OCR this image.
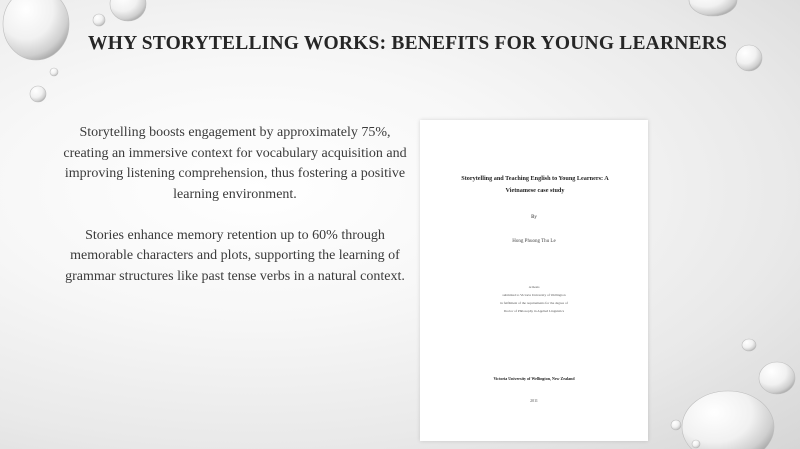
WHY STORYTELLING WORKS: BENEFITS FOR YOUNG LEARNERS

Storytelling boosts engagement by approximately 75%, creating an immersive context for vocabulary acquisition and improving listening comprehension, thus fostering a positive learning environment.

Stories enhance memory retention up to 60% through memorable characters and plots, supporting the learning of grammar structures like past tense verbs in a natural context.

Storytelling and Teaching English to Young Learners: A Vietnamese case study
By
Hong Phuong Thu Le
A thesis
submitted to Victoria University of Wellington
in fulfilment of the requirements for the degree of
Doctor of Philosophy in Applied Linguistics
Victoria University of Wellington, New Zealand
2011
